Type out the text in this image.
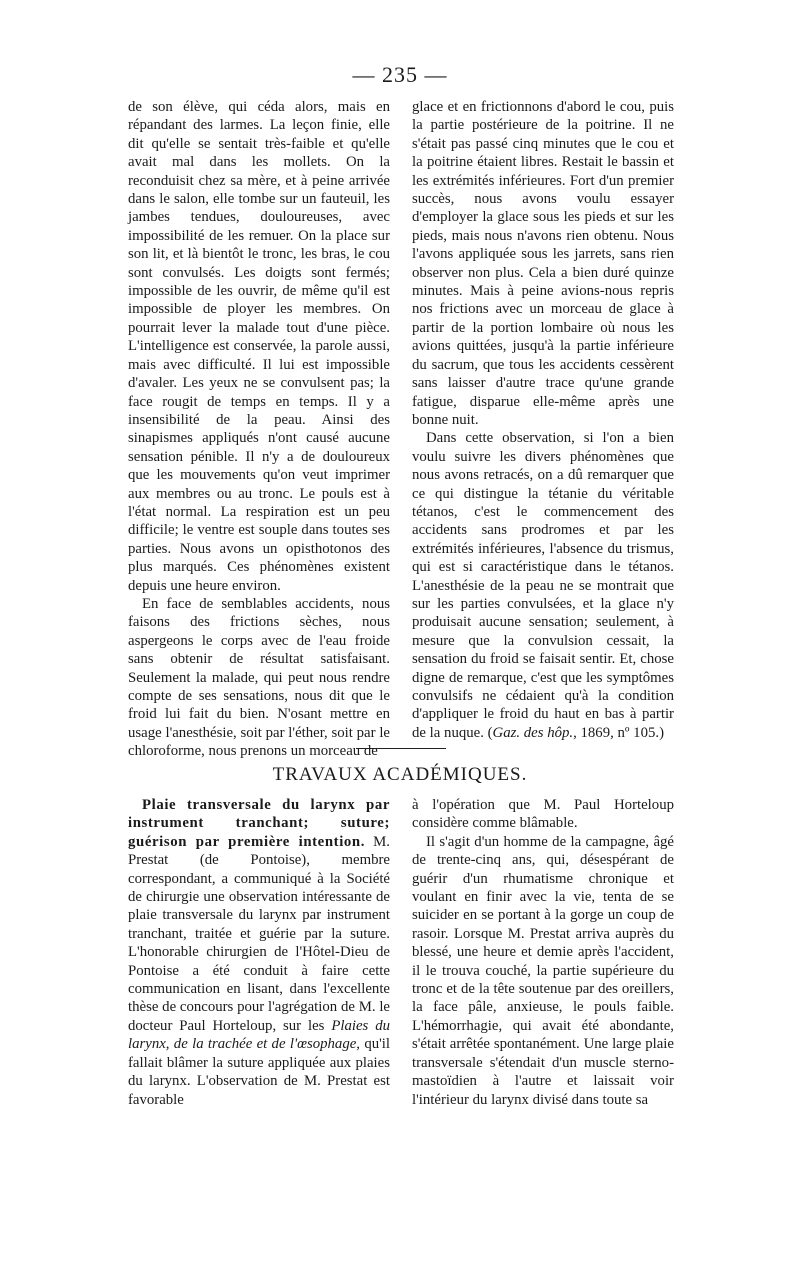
— 235 —

de son élève, qui céda alors, mais en répandant des larmes. La leçon finie, elle dit qu'elle se sentait très-faible et qu'elle avait mal dans les mollets. On la reconduisit chez sa mère, et à peine arrivée dans le salon, elle tombe sur un fauteuil, les jambes tendues, douloureuses, avec impossibilité de les remuer. On la place sur son lit, et là bientôt le tronc, les bras, le cou sont convulsés. Les doigts sont fermés; impossible de les ouvrir, de même qu'il est impossible de ployer les membres. On pourrait lever la malade tout d'une pièce. L'intelligence est conservée, la parole aussi, mais avec difficulté. Il lui est impossible d'avaler. Les yeux ne se convulsent pas; la face rougit de temps en temps. Il y a insensibilité de la peau. Ainsi des sinapismes appliqués n'ont causé aucune sensation pénible. Il n'y a de douloureux que les mouvements qu'on veut imprimer aux membres ou au tronc. Le pouls est à l'état normal. La respiration est un peu difficile; le ventre est souple dans toutes ses parties. Nous avons un opisthotonos des plus marqués. Ces phénomènes existent depuis une heure environ.

En face de semblables accidents, nous faisons des frictions sèches, nous aspergeons le corps avec de l'eau froide sans obtenir de résultat satisfaisant. Seulement la malade, qui peut nous rendre compte de ses sensations, nous dit que le froid lui fait du bien. N'osant mettre en usage l'anesthésie, soit par l'éther, soit par le chloroforme, nous prenons un morceau de

glace et en frictionnons d'abord le cou, puis la partie postérieure de la poitrine. Il ne s'était pas passé cinq minutes que le cou et la poitrine étaient libres. Restait le bassin et les extrémités inférieures. Fort d'un premier succès, nous avons voulu essayer d'employer la glace sous les pieds et sur les pieds, mais nous n'avons rien obtenu. Nous l'avons appliquée sous les jarrets, sans rien observer non plus. Cela a bien duré quinze minutes. Mais à peine avions-nous repris nos frictions avec un morceau de glace à partir de la portion lombaire où nous les avions quittées, jusqu'à la partie inférieure du sacrum, que tous les accidents cessèrent sans laisser d'autre trace qu'une grande fatigue, disparue elle-même après une bonne nuit.

Dans cette observation, si l'on a bien voulu suivre les divers phénomènes que nous avons retracés, on a dû remarquer que ce qui distingue la tétanie du véritable tétanos, c'est le commencement des accidents sans prodromes et par les extrémités inférieures, l'absence du trismus, qui est si caractéristique dans le tétanos. L'anesthésie de la peau ne se montrait que sur les parties convulsées, et la glace n'y produisait aucune sensation; seulement, à mesure que la convulsion cessait, la sensation du froid se faisait sentir. Et, chose digne de remarque, c'est que les symptômes convulsifs ne cédaient qu'à la condition d'appliquer le froid du haut en bas à partir de la nuque. (Gaz. des hôp., 1869, nº 105.)

TRAVAUX ACADÉMIQUES.

Plaie transversale du larynx par instrument tranchant; suture; guérison par première intention. M. Prestat (de Pontoise), membre correspondant, a communiqué à la Société de chirurgie une observation intéressante de plaie transversale du larynx par instrument tranchant, traitée et guérie par la suture. L'honorable chirurgien de l'Hôtel-Dieu de Pontoise a été conduit à faire cette communication en lisant, dans l'excellente thèse de concours pour l'agrégation de M. le docteur Paul Horteloup, sur les Plaies du larynx, de la trachée et de l'œsophage, qu'il fallait blâmer la suture appliquée aux plaies du larynx. L'observation de M. Prestat est favorable

à l'opération que M. Paul Horteloup considère comme blâmable.

Il s'agit d'un homme de la campagne, âgé de trente-cinq ans, qui, désespérant de guérir d'un rhumatisme chronique et voulant en finir avec la vie, tenta de se suicider en se portant à la gorge un coup de rasoir. Lorsque M. Prestat arriva auprès du blessé, une heure et demie après l'accident, il le trouva couché, la partie supérieure du tronc et de la tête soutenue par des oreillers, la face pâle, anxieuse, le pouls faible. L'hémorrhagie, qui avait été abondante, s'était arrêtée spontanément. Une large plaie transversale s'étendait d'un muscle sterno-mastoïdien à l'autre et laissait voir l'intérieur du larynx divisé dans toute sa
